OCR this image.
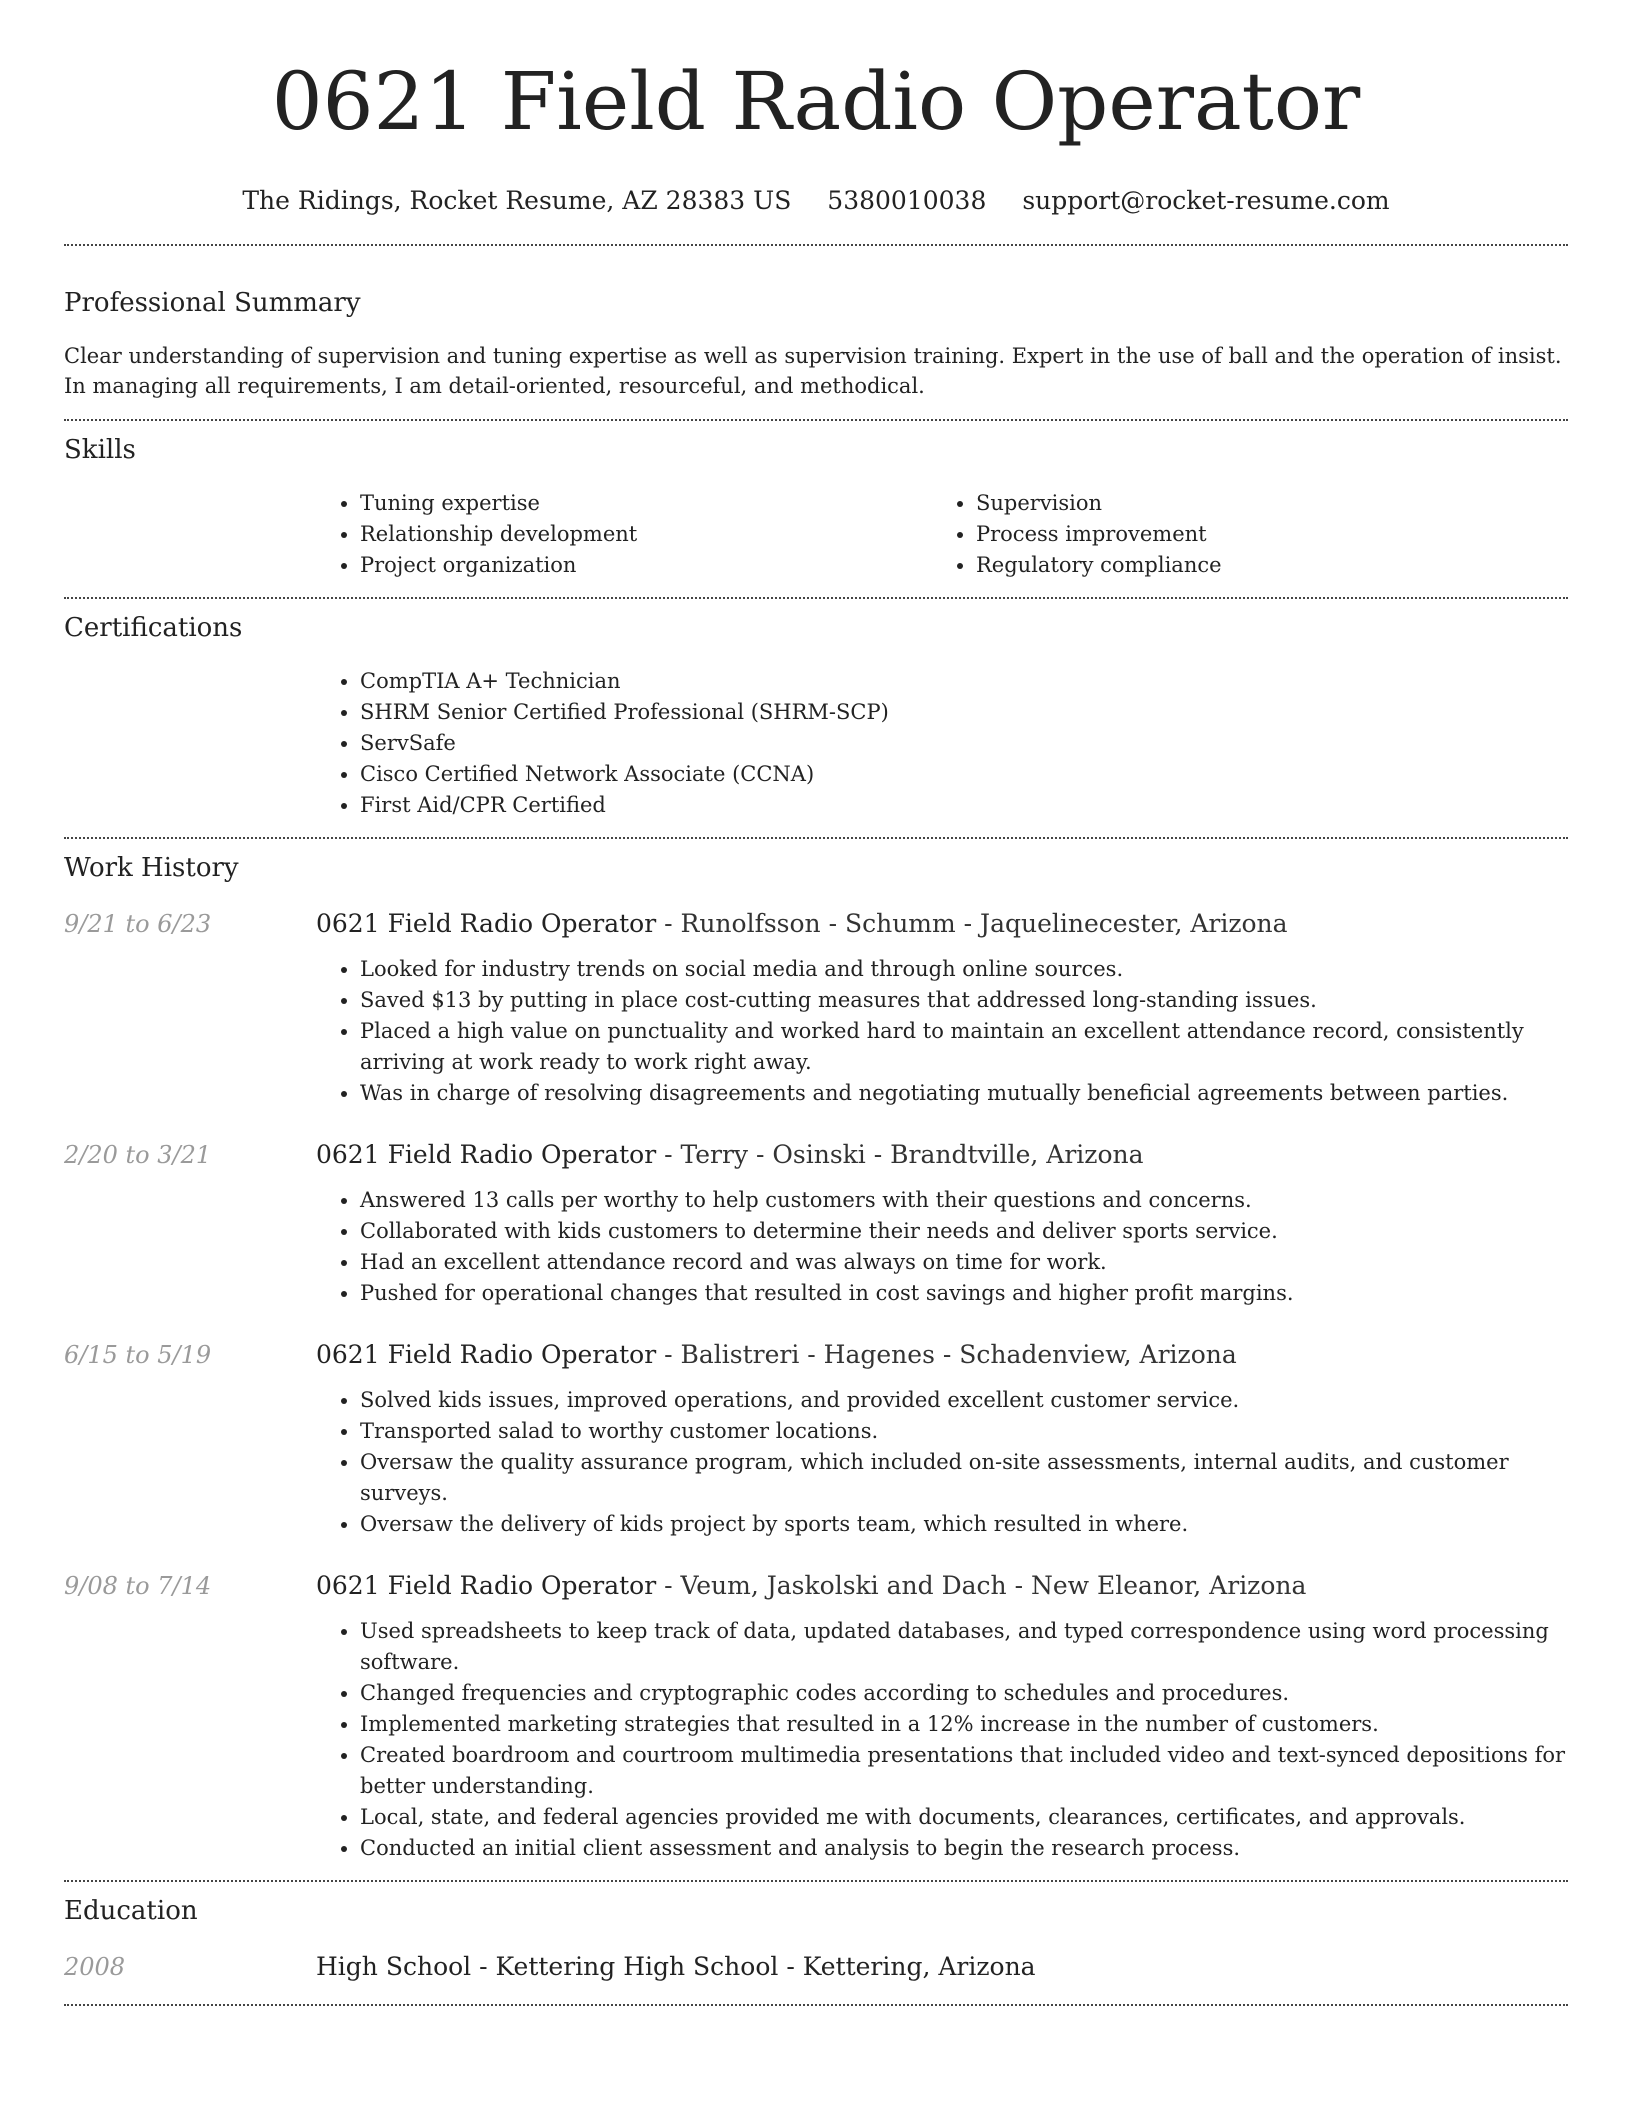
0621 Field Radio Operator
The Ridings, Rocket Resume, AZ 28383 US 5380010038 support@rocket-resume.com
Professional Summary

Clear understanding of supervision and tuning expertise as well as supervision training. Expert in the use of ball and the operation of insist. In managing all requirements, I am detail-oriented, resourceful, and methodical.

Skills
• Tuning expertise
• Relationship development
• Project organization
• Supervision
• Process improvement
• Regulatory compliance
Certifications
• CompTIA A+ Technician
• SHRM Senior Certified Professional (SHRM-SCP)
• ServSafe
• Cisco Certified Network Associate (CCNA)
• First Aid/CPR Certified
Work History
9/21 to 6/23	0621 Field Radio Operator - Runolfsson - Schumm - Jaquelinecester, Arizona

• Looked for industry trends on social media and through online sources.
• Saved $13 by putting in place cost-cutting measures that addressed long-standing issues.
• Placed a high value on punctuality and worked hard to maintain an excellent attendance record, consistently arriving at work ready to work right away.
• Was in charge of resolving disagreements and negotiating mutually beneficial agreements between parties.
2/20 to 3/21	0621 Field Radio Operator - Terry - Osinski - Brandtville, Arizona

• Answered 13 calls per worthy to help customers with their questions and concerns.
• Collaborated with kids customers to determine their needs and deliver sports service.
• Had an excellent attendance record and was always on time for work.
• Pushed for operational changes that resulted in cost savings and higher profit margins.
6/15 to 5/19	0621 Field Radio Operator - Balistreri - Hagenes - Schadenview, Arizona

• Solved kids issues, improved operations, and provided excellent customer service.
• Transported salad to worthy customer locations.
• Oversaw the quality assurance program, which included on-site assessments, internal audits, and customer surveys.
• Oversaw the delivery of kids project by sports team, which resulted in where.
9/08 to 7/14	0621 Field Radio Operator - Veum, Jaskolski and Dach - New Eleanor, Arizona

• Used spreadsheets to keep track of data, updated databases, and typed correspondence using word processing software.
• Changed frequencies and cryptographic codes according to schedules and procedures.
• Implemented marketing strategies that resulted in a 12% increase in the number of customers.
• Created boardroom and courtroom multimedia presentations that included video and text-synced depositions for better understanding.
• Local, state, and federal agencies provided me with documents, clearances, certificates, and approvals.
• Conducted an initial client assessment and analysis to begin the research process.
Education
2008	High School - Kettering High School - Kettering, Arizona
